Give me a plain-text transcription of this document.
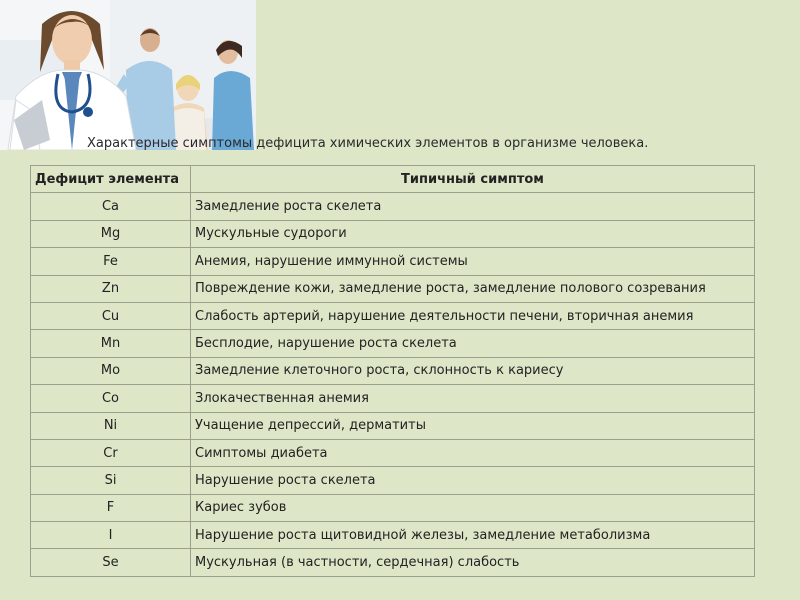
Характерные симптомы дефицита химических элементов в организме человека.
Дефицит элемента	Типичный симптом
Ca	Замедление роста скелета
Mg	Мускульные судороги
Fe	Анемия, нарушение иммунной системы
Zn	Повреждение кожи, замедление роста, замедление полового созревания
Cu	Слабость артерий, нарушение деятельности печени, вторичная анемия
Mn	Бесплодие, нарушение роста скелета
Mo	Замедление клеточного роста, склонность к кариесу
Co	Злокачественная анемия
Ni	Учащение депрессий, дерматиты
Cr	Симптомы диабета
Si	Нарушение роста скелета
F	Кариес зубов
I	Нарушение роста щитовидной железы, замедление метаболизма
Se	Мускульная (в частности, сердечная) слабость
